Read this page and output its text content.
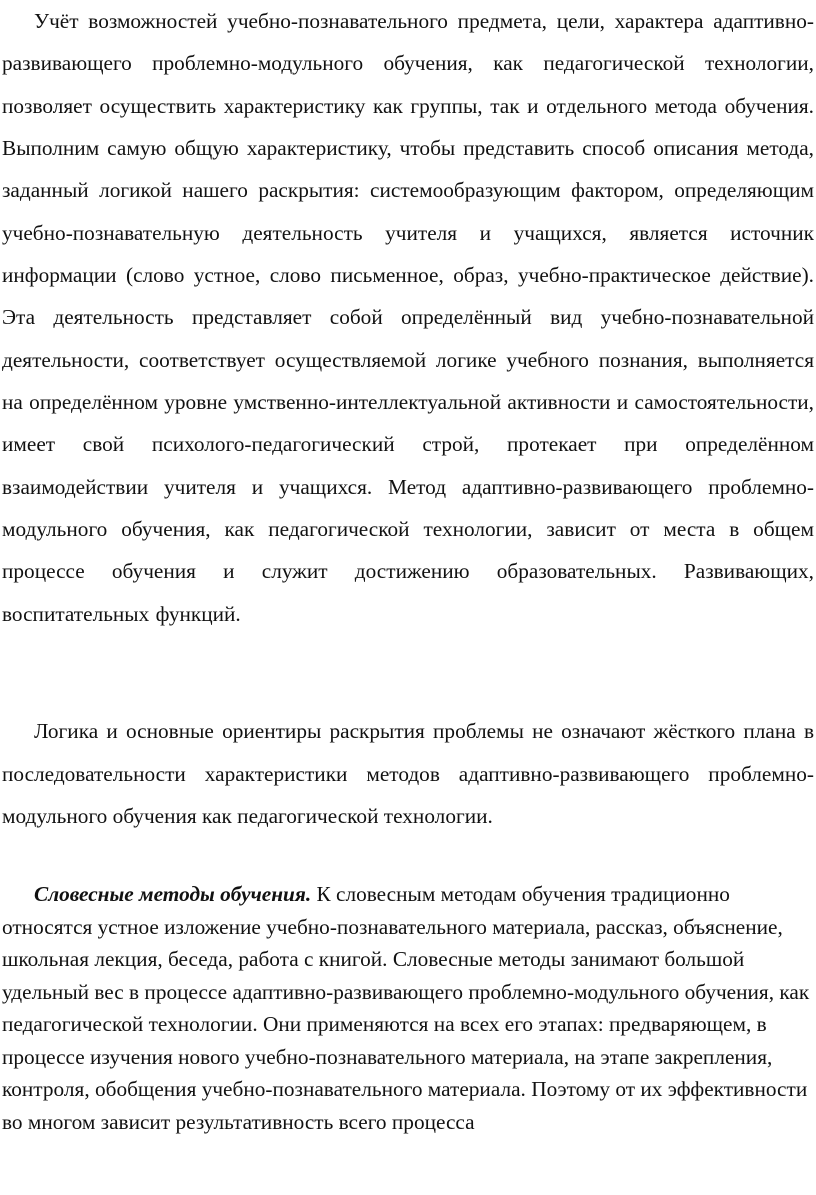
Учёт возможностей учебно-познавательного предмета, цели, характера адаптивно-развивающего проблемно-модульного обучения, как педагогической технологии, позволяет осуществить характеристику как группы, так и отдельного метода обучения. Выполним самую общую характеристику, чтобы представить способ описания метода, заданный логикой нашего раскрытия: системообразующим фактором, определяющим учебно-познавательную деятельность учителя и учащихся, является источник информации (слово устное, слово письменное, образ, учебно-практическое действие). Эта деятельность представляет собой определённый вид учебно-познавательной деятельности, соответствует осуществляемой логике учебного познания, выполняется на определённом уровне умственно-интеллектуальной активности и самостоятельности, имеет свой психолого-педагогический строй, протекает при определённом взаимодействии учителя и учащихся. Метод адаптивно-развивающего проблемно-модульного обучения, как педагогической технологии, зависит от места в общем процессе обучения и служит достижению образовательных. Развивающих, воспитательных функций.

Логика и основные ориентиры раскрытия проблемы не означают жёсткого плана в последовательности характеристики методов адаптивно-развивающего проблемно-модульного обучения как педагогической технологии.

Словесные методы обучения. К словесным методам обучения традиционно относятся устное изложение учебно-познавательного материала, рассказ, объяснение, школьная лекция, беседа, работа с книгой. Словесные методы занимают большой удельный вес в процессе адаптивно-развивающего проблемно-модульного обучения, как педагогической технологии. Они применяются на всех его этапах: предваряющем, в процессе изучения нового учебно-познавательного материала, на этапе закрепления, контроля, обобщения учебно-познавательного материала. Поэтому от их эффективности во многом зависит результативность всего процесса
